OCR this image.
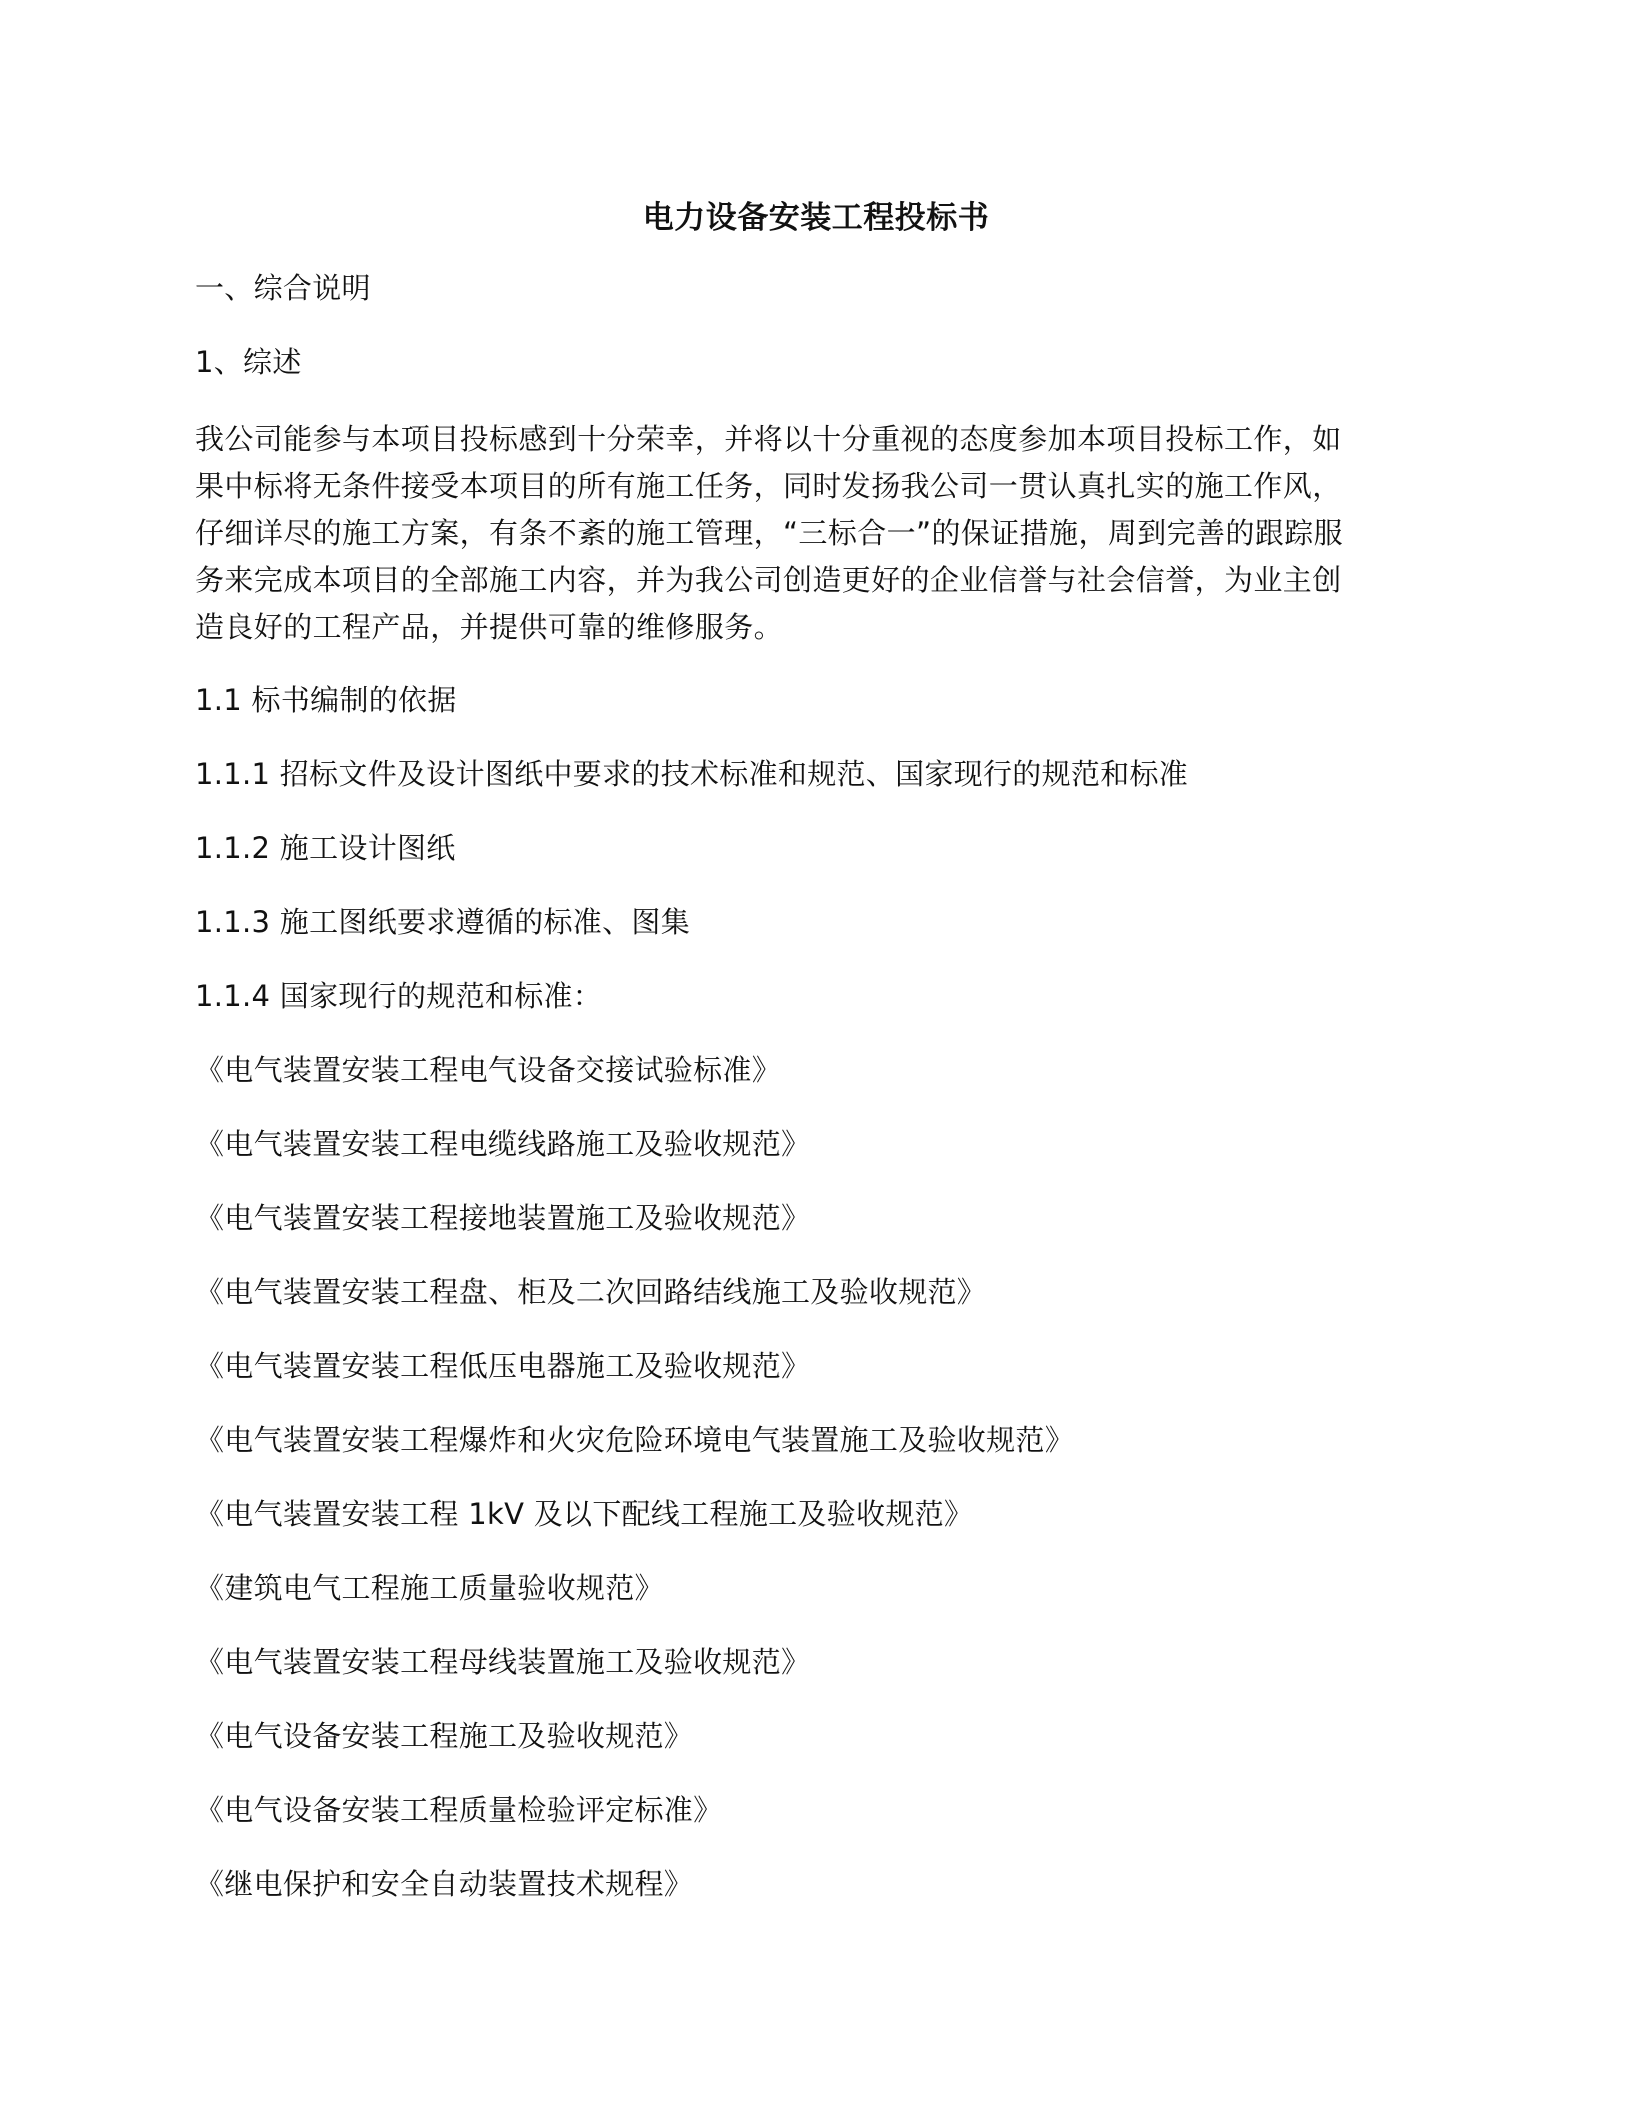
电力设备安装工程投标书
一、综合说明
1、综述
我公司能参与本项目投标感到十分荣幸，并将以十分重视的态度参加本项目投标工作，如
果中标将无条件接受本项目的所有施工任务，同时发扬我公司一贯认真扎实的施工作风，
仔细详尽的施工方案，有条不紊的施工管理，“三标合一”的保证措施，周到完善的跟踪服
务来完成本项目的全部施工内容，并为我公司创造更好的企业信誉与社会信誉，为业主创
造良好的工程产品，并提供可靠的维修服务。
1.1 标书编制的依据
1.1.1 招标文件及设计图纸中要求的技术标准和规范、国家现行的规范和标准
1.1.2 施工设计图纸
1.1.3 施工图纸要求遵循的标准、图集
1.1.4 国家现行的规范和标准：
《电气装置安装工程电气设备交接试验标准》
《电气装置安装工程电缆线路施工及验收规范》
《电气装置安装工程接地装置施工及验收规范》
《电气装置安装工程盘、柜及二次回路结线施工及验收规范》
《电气装置安装工程低压电器施工及验收规范》
《电气装置安装工程爆炸和火灾危险环境电气装置施工及验收规范》
《电气装置安装工程 1kV 及以下配线工程施工及验收规范》
《建筑电气工程施工质量验收规范》
《电气装置安装工程母线装置施工及验收规范》
《电气设备安装工程施工及验收规范》
《电气设备安装工程质量检验评定标准》
《继电保护和安全自动装置技术规程》
